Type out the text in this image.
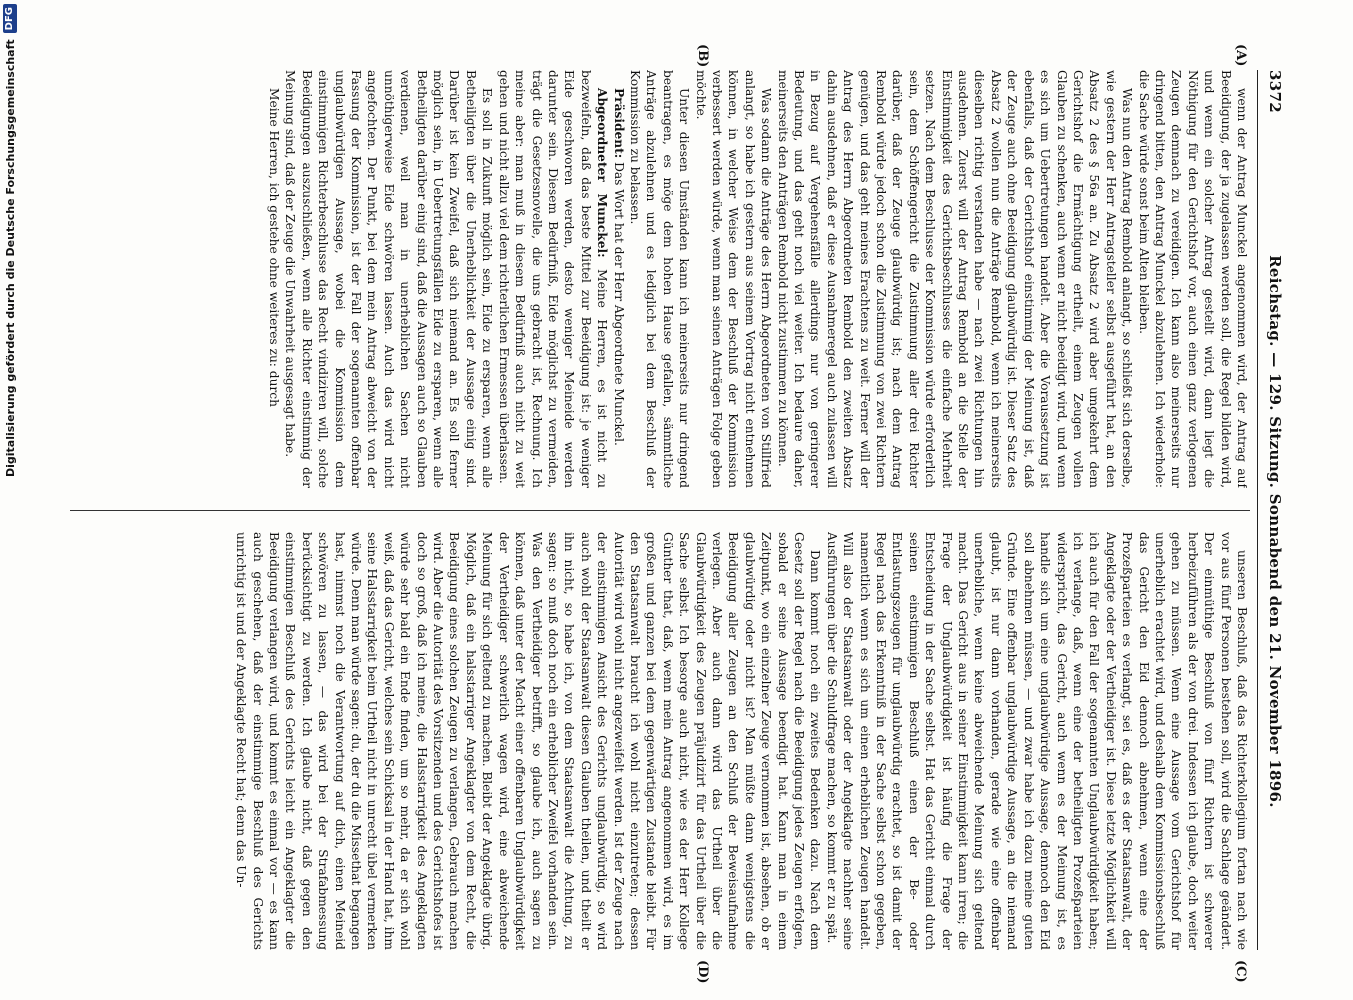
Digitalisierung gefördert durch die Deutsche Forschungsgemeinschaft
DFG
3372
Reichstag. — 129. Sitzung. Sonnabend den 21. November 1896.
(A)
(B)
(C)
(D)

wenn der Antrag Munckel angenommen wird, der Antrag auf Beeidigung, der ja zugelassen werden soll, die Regel bilden wird, und wenn ein solcher Antrag gestellt wird, dann liegt die Nöthigung für den Gerichtshof vor, auch einen ganz verlogenen Zeugen demnach zu vereidigen. Ich kann also meinerseits nur dringend bitten, den Antrag Munckel abzulehnen. Ich wiederhole: die Sache würde sonst beim Alten bleiben.

Was nun den Antrag Rembold anlangt, so schließt sich derselbe, wie gestern der Herr Antragsteller selbst ausgeführt hat, an den Absatz 2 des § 56a an. Zu Absatz 2 wird aber umgekehrt dem Gerichtshof die Ermächtigung ertheilt, einem Zeugen vollen Glauben zu schenken, auch wenn er nicht beeidigt wird, und wenn es sich um Uebertretungen handelt. Aber die Voraussetzung ist ebenfalls, daß der Gerichtshof einstimmig der Meinung ist, daß der Zeuge auch ohne Beeidigung glaubwürdig ist. Dieser Satz des Absatz 2 wollen nun die Anträge Rembold, wenn ich meinerseits dieselben richtig verstanden habe — nach zwei Richtungen hin ausdehnen. Zuerst will der Antrag Rembold an die Stelle der Einstimmigkeit des Gerichtsbeschlusses die einfache Mehrheit setzen. Nach dem Beschlusse der Kommission würde erforderlich sein, dem Schöffengericht die Zustimmung aller drei Richter darüber, daß der Zeuge glaubwürdig ist; nach dem Antrag Rembold würde jedoch schon die Zustimmung von zwei Richtern genügen, und das geht meines Erachtens zu weit. Ferner will der Antrag des Herrn Abgeordneten Rembold den zweiten Absatz dahin ausdehnen, daß er diese Ausnahmeregel auch zulassen will in Bezug auf Vergehensfälle allerdings nur von geringerer Bedeutung, und das geht noch viel weiter. Ich bedaure daher, meinerseits den Anträgen Rembold nicht zustimmen zu können.

Was sodann die Anträge des Herrn Abgeordneten von Stillfried anlangt, so habe ich gestern aus seinem Vortrag nicht entnehmen können, in welcher Weise dem der Beschluß der Kommission verbessert werden würde, wenn man seinen Anträgen Folge geben möchte.

Unter diesen Umständen kann ich meinerseits nur dringend beantragen, es möge dem hohen Hause gefallen, sämmtliche Anträge abzulehnen und es lediglich bei dem Beschluß der Kommission zu belassen.

Präsident: Das Wort hat der Herr Abgeordnete Munckel.

Abgeordneter Munckel: Meine Herren, es ist nicht zu bezweifeln, daß das beste Mittel zur Beeidigung ist: je weniger Eide geschworen werden, desto weniger Meineide werden darunter sein. Diesem Bedürfniß, Eide möglichst zu vermeiden, trägt die Gesetzesnovelle, die uns gebracht ist, Rechnung. Ich meine aber: man muß in diesem Bedürfniß auch nicht zu weit gehen und nicht allzu viel dem richterlichen Ermessen überlassen.

Es soll in Zukunft möglich sein, Eide zu ersparen, wenn alle Betheiligten über die Unerheblichkeit der Aussage einig sind. Darüber ist kein Zweifel, daß sich niemand an. Es soll ferner möglich sein, in Uebertretungsfällen Eide zu ersparen, wenn alle Betheiligten darüber einig sind, daß die Aussagen auch so Glauben verdienen, weil man in unerheblichen Sachen nicht unnöthigerweise Eide schwören lassen. Auch das wird nicht angefochten. Der Punkt, bei dem mein Antrag abweicht von der Fassung der Kommission, ist der Fall der sogenannten offenbar unglaubwürdigen Aussage, wobei die Kommission dem einstimmigen Richterbeschlusse das Recht vindiziren will, solche Beeidigungen auszuschließen, wenn alle Richter einstimmig der Meinung sind, daß der Zeuge die Unwahrheit ausgesagt habe.

Meine Herren, ich gestehe ohne weiteres zu: durch

unseren Beschluß, daß das Richterkollegium fortan nach wie vor aus fünf Personen bestehen soll, wird die Sachlage geändert. Der einmüthige Beschluß von fünf Richtern ist schwerer herbeizuführen als der von drei. Indessen ich glaube, doch weiter gehen zu müssen. Wenn eine Aussage vom Gerichtshof für unerheblich erachtet wird, und deshalb dem Kommissionsbeschluß das Gericht den Eid dennoch abnehmen, wenn eine der Prozeßparteien es verlangt, sei es, daß es der Staatsanwalt, der Angeklagte oder der Vertheidiger ist. Diese letzte Möglichkeit will ich auch für den Fall der sogenannten Unglaubwürdigkeit haben; ich verlange, daß, wenn eine der betheiligten Prozeßparteien widerspricht, das Gericht, auch wenn es der Meinung ist, es handle sich um eine unglaubwürdige Aussage, dennoch den Eid soll abnehmen müssen, — und zwar habe ich dazu meine guten Gründe. Eine offenbar unglaubwürdige Aussage, an die niemand glaubt, ist nur dann vorhanden, gerade wie eine offenbar unerhebliche, wenn keine abweichende Meinung sich geltend macht. Das Gericht aus in seiner Einstimmigkeit kann irren; die Frage der Unglaubwürdigkeit ist häufig die Frage der Entscheidung in der Sache selbst. Hat das Gericht einmal durch seinen einstimmigen Beschluß einen der Be- oder Entlastungszeugen für unglaubwürdig erachtet, so ist damit der Regel nach das Erkenntniß in der Sache selbst schon gegeben, namentlich wenn es sich um einen erheblichen Zeugen handelt. Will also der Staatsanwalt oder der Angeklagte nachher seine Ausführungen über die Schuldfrage machen, so kommt er zu spät.

Dann kommt noch ein zweites Bedenken dazu. Nach dem Gesetz soll der Regel nach die Beeidigung jedes Zeugen erfolgen, sobald er seine Aussage beendigt hat. Kann man in einem Zeitpunkt, wo ein einzelner Zeuge vernommen ist, absehen, ob er glaubwürdig oder nicht ist? Man müßte dann wenigstens die Beeidigung aller Zeugen an den Schluß der Beweisaufnahme verlegen. Aber auch dann wird das Urtheil über die Glaubwürdigkeit des Zeugen präjudizirt für das Urtheil über die Sache selbst. Ich besorge auch nicht, wie es der Herr Kollege Günther that, daß, wenn mein Antrag angenommen wird, es im großen und ganzen bei dem gegenwärtigen Zustande bleibt. Für den Staatsanwalt braucht ich wohl nicht einzutreten; dessen Autorität wird wohl nicht angezweifelt werden. Ist der Zeuge nach der einstimmigen Ansicht des Gerichts unglaubwürdig, so wird auch wohl der Staatsanwalt diesen Glauben theilen, und theilt er ihn nicht, so habe ich, von dem Staatsanwalt die Achtung, zu sagen: so muß doch noch ein erheblicher Zweifel vorhanden sein. Was den Vertheidiger betrifft, so glaube ich, auch sagen zu können, daß unter der Macht einer offenbaren Unglaubwürdigkeit der Vertheidiger schwerlich wagen wird, eine abweichende Meinung für sich geltend zu machen. Bleibt der Angeklagte übrig. Möglich, daß ein halsstarriger Angeklagter von dem Recht, die Beeidigung eines solchen Zeugen zu verlangen, Gebrauch machen wird. Aber die Autorität des Vorsitzenden und des Gerichtshofes ist doch so groß, daß ich meine, die Halsstarrigkeit des Angeklagten würde sehr bald ein Ende finden, um so mehr, da er sich wohl weiß, daß das Gericht, welches sein Schicksal in der Hand hat, ihm seine Halsstarrigkeit beim Urtheil nicht in unrecht übel vermerken würde. Denn man würde sagen: du, der du die Missethat begangen hast, nimmst noch die Verantwortung auf dich, einen Meineid schwören zu lassen, — das wird bei der Strafabmessung berücksichtigt zu werden. Ich glaube nicht, daß gegen den einstimmigen Beschluß des Gerichts leicht ein Angeklagter die Beeidigung verlangen wird, und kommt es einmal vor — es kann auch geschehen, daß der einstimmige Beschluß des Gerichts unrichtig ist und der Angeklagte Recht hat; denn das Un-
